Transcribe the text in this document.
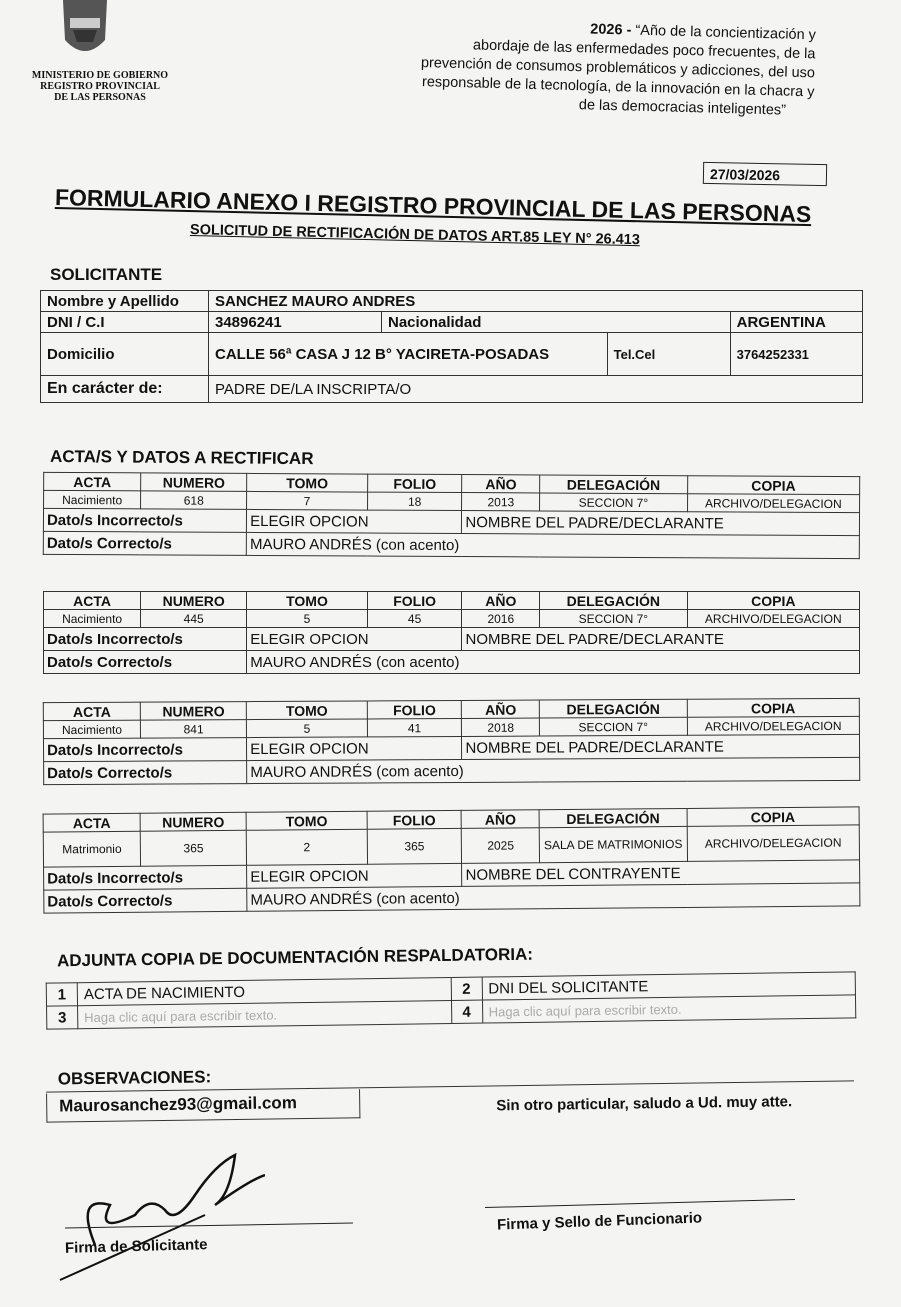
MINISTERIO DE GOBIERNO
REGISTRO PROVINCIAL
DE LAS PERSONAS
2026 - “Año de la concientización y
abordaje de las enfermedades poco frecuentes, de la
prevención de consumos problemáticos y adicciones, del uso
responsable de la tecnología, de la innovación en la chacra y
de las democracias inteligentes”
27/03/2026
FORMULARIO ANEXO I REGISTRO PROVINCIAL DE LAS PERSONAS
SOLICITUD DE RECTIFICACIÓN DE DATOS ART.85 LEY N° 26.413
SOLICITANTE
Nombre y Apellido	SANCHEZ MAURO ANDRES			
DNI / C.I	34896241	Nacionalidad		ARGENTINA
Domicilio	CALLE 56ª CASA J 12 B° YACIRETA-POSADAS		Tel.Cel	3764252331
En carácter de:	PADRE DE/LA INSCRIPTA/O			
ACTA/S Y DATOS A RECTIFICAR
ACTA	NUMERO	TOMO	FOLIO	AÑO	DELEGACIÓN	COPIA
Nacimiento	618	7	18	2013	SECCION 7°	ARCHIVO/DELEGACION
Dato/s Incorrecto/s		ELEGIR OPCION		NOMBRE DEL PADRE/DECLARANTE		
Dato/s Correcto/s		MAURO ANDRÉS (con acento)				
ACTA	NUMERO	TOMO	FOLIO	AÑO	DELEGACIÓN	COPIA
Nacimiento	445	5	45	2016	SECCION 7°	ARCHIVO/DELEGACION
Dato/s Incorrecto/s		ELEGIR OPCION		NOMBRE DEL PADRE/DECLARANTE		
Dato/s Correcto/s		MAURO ANDRÉS (con acento)				
ACTA	NUMERO	TOMO	FOLIO	AÑO	DELEGACIÓN	COPIA
Nacimiento	841	5	41	2018	SECCION 7°	ARCHIVO/DELEGACION
Dato/s Incorrecto/s		ELEGIR OPCION		NOMBRE DEL PADRE/DECLARANTE		
Dato/s Correcto/s		MAURO ANDRÉS (com acento)				
ACTA	NUMERO	TOMO	FOLIO	AÑO	DELEGACIÓN	COPIA
Matrimonio	365	2	365	2025	SALA DE MATRIMONIOS	ARCHIVO/DELEGACION
Dato/s Incorrecto/s		ELEGIR OPCION		NOMBRE DEL CONTRAYENTE		
Dato/s Correcto/s		MAURO ANDRÉS (con acento)				
ADJUNTA COPIA DE DOCUMENTACIÓN RESPALDATORIA:
1	ACTA DE NACIMIENTO	2	DNI DEL SOLICITANTE
3	Haga clic aquí para escribir texto.	4	Haga clic aquí para escribir texto.
OBSERVACIONES:
Maurosanchez93@gmail.com	Sin otro particular, saludo a Ud. muy atte.
Firma de Solicitante
Firma y Sello de Funcionario
